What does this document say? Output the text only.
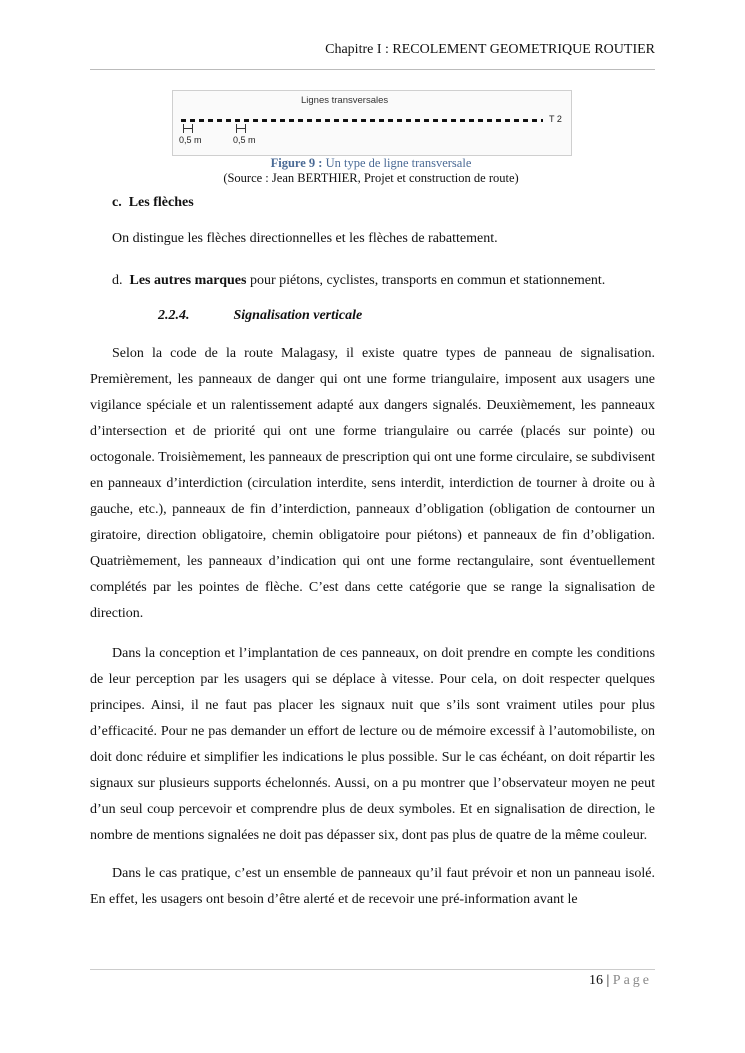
Chapitre I : RECOLEMENT GEOMETRIQUE ROUTIER
Lignes transversales
T 2
0,5 m	0,5 m
Figure 9 : Un type de ligne transversale
(Source : Jean BERTHIER, Projet et construction de route)
c. Les flèches
On distingue les flèches directionnelles et les flèches de rabattement.
d. Les autres marques pour piétons, cyclistes, transports en commun et stationnement.
2.2.4.	Signalisation verticale

Selon la code de la route Malagasy, il existe quatre types de panneau de signalisation. Premièrement, les panneaux de danger qui ont une forme triangulaire, imposent aux usagers une vigilance spéciale et un ralentissement adapté aux dangers signalés. Deuxièmement, les panneaux d’intersection et de priorité qui ont une forme triangulaire ou carrée (placés sur pointe) ou octogonale. Troisièmement, les panneaux de prescription qui ont une forme circulaire, se subdivisent en panneaux d’interdiction (circulation interdite, sens interdit, interdiction de tourner à droite ou à gauche, etc.), panneaux de fin d’interdiction, panneaux d’obligation (obligation de contourner un giratoire, direction obligatoire, chemin obligatoire pour piétons) et panneaux de fin d’obligation. Quatrièmement, les panneaux d’indication qui ont une forme rectangulaire, sont éventuellement complétés par les pointes de flèche. C’est dans cette catégorie que se range la signalisation de direction.

Dans la conception et l’implantation de ces panneaux, on doit prendre en compte les conditions de leur perception par les usagers qui se déplace à vitesse. Pour cela, on doit respecter quelques principes. Ainsi, il ne faut pas placer les signaux nuit que s’ils sont vraiment utiles pour plus d’efficacité. Pour ne pas demander un effort de lecture ou de mémoire excessif à l’automobiliste, on doit donc réduire et simplifier les indications le plus possible. Sur le cas échéant, on doit répartir les signaux sur plusieurs supports échelonnés. Aussi, on a pu montrer que l’observateur moyen ne peut d’un seul coup percevoir et comprendre plus de deux symboles. Et en signalisation de direction, le nombre de mentions signalées ne doit pas dépasser six, dont pas plus de quatre de la même couleur.

Dans le cas pratique, c’est un ensemble de panneaux qu’il faut prévoir et non un panneau isolé. En effet, les usagers ont besoin d’être alerté et de recevoir une pré-information avant le

16 | Page
